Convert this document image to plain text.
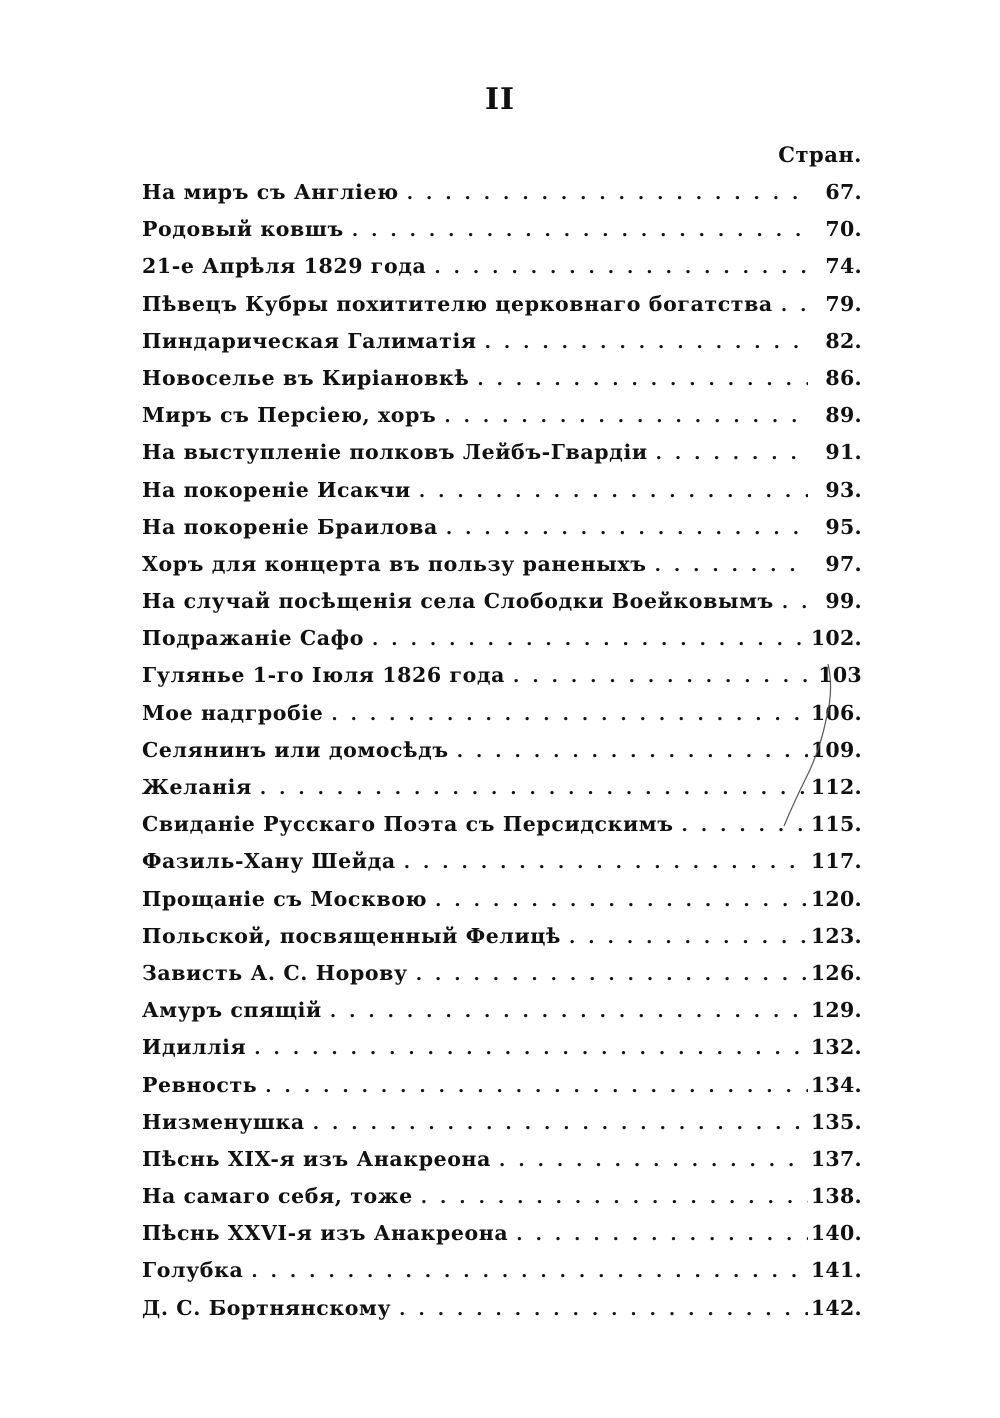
II
Стран.
На миръ съ Англiею .....	67.
Родовый ковшъ .....	70.
21-е Апрѣля 1829 года .....	74.
Пѣвецъ Кубры похитителю церковнаго богатства .....	79.
Пиндарическая Галиматiя .....	82.
Новоселье въ Кирiановкѣ .....	86.
Миръ съ Персiею, хоръ .....	89.
На выступленiе полковъ Лейбъ-Гвардiи .....	91.
На покоренiе Исакчи .....	93.
На покоренiе Браилова .....	95.
Хоръ для концерта въ пользу раненыхъ .....	97.
На случай посѣщенiя села Слободки Воейковымъ .....	99.
Подражанiе Сафо .....	102.
Гулянье 1-го Iюля 1826 года .....	103
Мое надгробiе .....	106.
Селянинъ или домосѣдъ .....	109.
Желанiя .....	112.
Свиданiе Русскаго Поэта съ Персидскимъ .....	115.
Фазиль-Хану Шейда .....	117.
Прощанiе съ Москвою .....	120.
Польской, посвященный Фелицѣ .....	123.
Зависть А. С. Норову .....	126.
Амуръ спящiй .....	129.
Идиллiя .....	132.
Ревность .....	134.
Низменушка .....	135.
Пѣснь XIX-я изъ Анакреона .....	137.
На самаго себя, тоже .....	138.
Пѣснь XXVI-я изъ Анакреона .....	140.
Голубка .....	141.
Д. С. Бортнянскому .....	142.
